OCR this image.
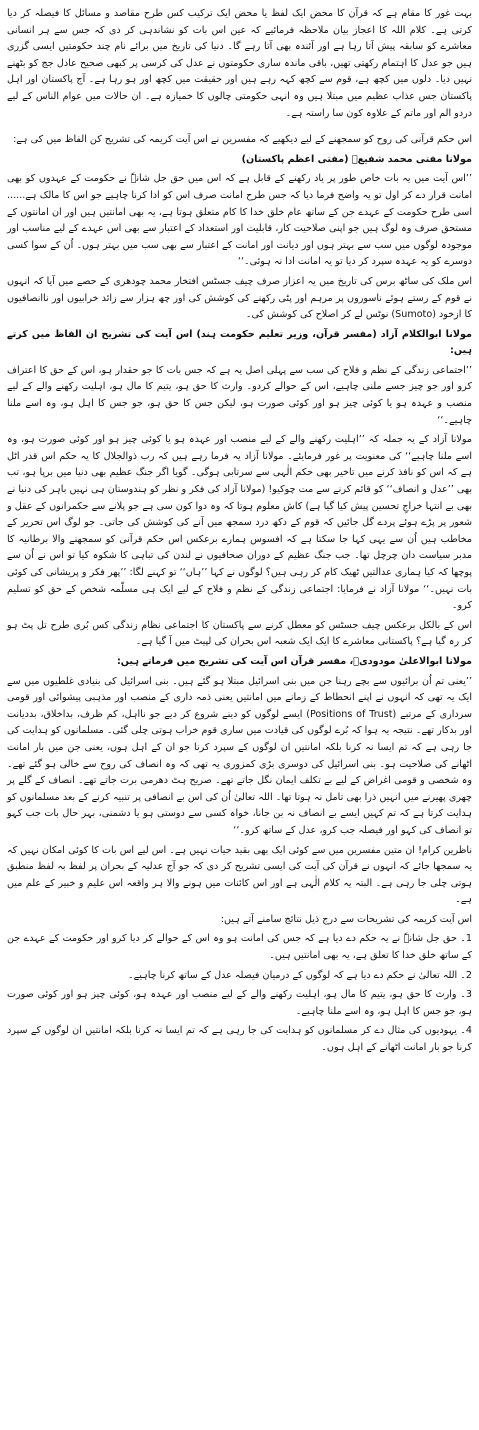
بہت غور کا مقام ہے کہ قرآن کا محض ایک لفظ یا محض ایک ترکیب کس طرح مقاصد و مسائل کا فیصلہ کر دیا کرتی ہے۔ کلام اللہ کا اعجاز بیان ملاحظہ فرمائیے کہ عین اس بات کو نشاندہی کر دی کہ جس سے ہر انسانی معاشرے کو سابقہ پیش آتا رہا ہے اور آئندہ بھی آتا رہے گا۔ دنیا کی تاریخ میں برائے نام چند حکومتیں ایسی گزری ہیں جو عدل کا اہتمام رکھتی تھیں، باقی ماندہ ساری حکومتوں نے عدل کی کرسی پر کبھی صحیح عادل جج کو بٹھنے نہیں دیا۔ دلوں میں کچھ ہے، قوم سے کچھ کہہ رہے ہیں اور حقیقت میں کچھ اور ہو رہا ہے۔ آج پاکستان اور اہل پاکستان جس عذاب عظیم میں مبتلا ہیں وہ انہی حکومتی چالوں کا خمیازہ ہے۔ ان حالات میں عوام الناس کے لیے دردو الم اور ماتم کے علاوہ کون سا راستہ ہے۔

اس حکم قرآنی کی روح کو سمجھنے کے لیے دیکھیے کہ مفسرین نے اس آیت کریمہ کی تشریح کن الفاظ میں کی ہے:

مولانا مفتی محمد شفیعؒ (مفتی اعظم پاکستان)

’’اس آیت میں یہ بات خاص طور پر یاد رکھنے کے قابل ہے کہ اس میں حق جل شانہٗ نے حکومت کے عہدوں کو بھی امانت قرار دے کر اول تو یہ واضح فرما دیا کہ جس طرح امانت صرف اس کو ادا کرنا چاہیے جو اس کا مالک ہے...... اسی طرح حکومت کے عہدے جن کے ساتھ عام خلق خدا کا کام متعلق ہوتا ہے، یہ بھی امانتیں ہیں اور ان امانتوں کے مستحق صرف وہ لوگ ہیں جو اپنی صلاحیت کار، قابلیت اور استعداد کے اعتبار سے بھی اس عہدے کے لیے مناسب اور موجودہ لوگوں میں سب سے بہتر ہوں اور دیانت اور امانت کے اعتبار سے بھی سب میں بہتر ہوں۔ اُن کے سوا کسی دوسرے کو یہ عہدہ سپرد کر دیا تو یہ امانت ادا نہ ہوئی۔‘‘

اس ملک کی ساٹھ برس کی تاریخ میں یہ اعزاز صرف چیف جسٹس افتخار محمد چودھری کے حصے میں آیا کہ انہوں نے قوم کے رستے ہوئے ناسوروں پر مرہم اور پٹی رکھنے کی کوشش کی اور چھ ہزار سے زائد خرابیوں اور ناانصافیوں کا ازخود (Sumoto) نوٹس لے کر اصلاح کی کوشش کی۔

مولانا ابوالکلام آزاد (مفسر قرآن، وزیر تعلیم حکومت ہند) اس آیت کی تشریح ان الفاظ میں کرتے ہیں:

’’اجتماعی زندگی کے نظم و فلاح کی سب سے پہلی اصل یہ ہے کہ جس بات کا جو حقدار ہو، اس کے حق کا اعتراف کرو اور جو چیز جسے ملنی چاہیے، اس کے حوالے کردو۔ وارث کا حق ہو، یتیم کا مال ہو، اہلیت رکھنے والے کے لیے منصب و عہدہ ہو یا کوئی چیز ہو اور کوئی صورت ہو، لیکن جس کا حق ہو، جو جس کا اہل ہو، وہ اسے ملنا چاہیے۔‘‘

مولانا آزاد کے یہ جملہ کہ ’’اہلیت رکھنے والے کے لیے منصب اور عہدہ ہو یا کوئی چیز ہو اور کوئی صورت ہو، وہ اسے ملنا چاہیے‘‘ کی معنویت پر غور فرمایئے۔ مولانا آزاد یہ فرما رہے ہیں کہ رب ذوالجلال کا یہ حکم اس قدر اٹل ہے کہ اس کو نافذ کرنے میں تاخیر بھی حکم الٰہی سے سرتابی ہوگی۔ گویا اگر جنگ عظیم بھی دنیا میں برپا ہو، تب بھی ’’عدل و انصاف‘‘ کو قائم کرنے سے مت چوکیو! (مولانا آزاد کی فکر و نظر کو ہندوستان ہی نہیں باہر کی دنیا نے بھی بے انتہا خراجِ تحسین پیش کیا گیا ہے) کاش معلوم ہوتا کہ وہ دوا کون سی ہے جو پلانے سے حکمرانوں کے عقل و شعور پر پڑے ہوئے پردے گل جائیں کہ قوم کے دکھ درد سمجھ میں آنے کی کوشش کی جاتی۔ جو لوگ اس تحریر کے مخاطب ہیں اُن سے یہی کہا جا سکتا ہے کہ افسوس ہمارے برعکس اس حکم قرآنی کو سمجھنے والا برطانیہ کا مدبر سیاست دان چرچل تھا۔ جب جنگ عظیم کے دوران صحافیوں نے لندن کی تباہی کا شکوہ کیا تو اس نے اُن سے پوچھا کہ کیا ہماری عدالتیں ٹھیک کام کر رہی ہیں؟ لوگوں نے کہا ’’ہاں‘‘ تو کہنے لگا: ’’پھر فکر و پریشانی کی کوئی بات نہیں۔‘‘ مولانا آزاد نے فرمایا: اجتماعی زندگی کے نظم و فلاح کے لیے ایک ہی مسلّمہ شخص کے حق کو تسلیم کرو۔

اس کے بالکل برعکس چیف جسٹس کو معطل کرنے سے پاکستان کا اجتماعی نظام زندگی کس بُری طرح تل پٹ ہو کر رہ گیا ہے؟ پاکستانی معاشرے کا ایک ایک شعبہ اس بحران کی لپیٹ میں آ گیا ہے۔

مولانا ابوالاعلیٰ مودودیؒ، مفسر قرآن اس آیت کی تشریح میں فرماتے ہیں:

’’یعنی تم اُن برائیوں سے بچے رہنا جن میں بنی اسرائیل مبتلا ہو گئے ہیں۔ بنی اسرائیل کی بنیادی غلطیوں میں سے ایک یہ تھی کہ انہوں نے اپنے انحطاط کے زمانے میں امانتیں یعنی ذمہ داری کے منصب اور مذہبی پیشوائی اور قومی سرداری کے مرتبے (Positions of Trust) ایسے لوگوں کو دینے شروع کر دیے جو نااہل، کم ظرف، بداخلاق، بددیانت اور بدکار تھے۔ نتیجہ یہ ہوا کہ بُرے لوگوں کی قیادت میں ساری قوم خراب ہوتی چلی گئی۔ مسلمانوں کو ہدایت کی جا رہی ہے کہ تم ایسا نہ کرنا بلکہ امانتیں ان لوگوں کے سپرد کرنا جو ان کے اہل ہوں، یعنی جن میں بار امانت اٹھانے کی صلاحیت ہو۔ بنی اسرائیل کی دوسری بڑی کمزوری یہ تھی کہ وہ انصاف کی روح سے خالی ہو گئے تھے۔ وہ شخصی و قومی اغراض کے لیے بے تکلف ایمان نگل جاتے تھے۔ صریح ہٹ دھرمی برت جاتے تھے۔ انصاف کے گلے پر چھری پھیرنے میں انہیں ذرا بھی تامل نہ ہوتا تھا۔ اللہ تعالیٰ اُن کی اس بے انصافی پر تنبیہ کرنے کے بعد مسلمانوں کو ہدایت کرتا ہے کہ تم کہیں ایسے بے انصاف نہ بن جانا، خواہ کسی سے دوستی ہو یا دشمنی، بہر حال بات جب کہو تو انصاف کی کہو اور فیصلہ جب کرو، عدل کے ساتھ کرو۔‘‘

ناظرین کرام! ان متین مفسرین میں سے کوئی ایک بھی بقید حیات نہیں ہے۔ اس لیے اس بات کا کوئی امکان نہیں کہ یہ سمجھا جائے کہ انہوں نے قرآن کی آیت کی ایسی تشریح کر دی کہ جو آج عدلیہ کے بحران پر لفظ بہ لفظ منطبق ہوتی چلی جا رہی ہے۔ البتہ یہ کلام الٰہی ہے اور اس کائنات میں ہونے والا ہر واقعہ اس علیم و خبیر کے علم میں ہے۔

اس آیت کریمہ کی تشریحات سے درج ذیل نتائج سامنے آتے ہیں:

1۔ حق جل شانہٗ نے یہ حکم دے دیا ہے کہ جس کی امانت ہو وہ اس کے حوالے کر دیا کرو اور حکومت کے عہدے جن کے ساتھ خلق خدا کا تعلق ہے، یہ بھی امانتیں ہیں۔

2۔ اللہ تعالیٰ نے حکم دے دیا ہے کہ لوگوں کے درمیان فیصلہ عدل کے ساتھ کرنا چاہیے۔

3۔ وارث کا حق ہو، یتیم کا مال ہو، اہلیت رکھنے والے کے لیے منصب اور عہدہ ہو، کوئی چیز ہو اور کوئی صورت ہو، جو جس کا اہل ہو، وہ اسے ملنا چاہیے۔

4۔ یہودیوں کی مثال دے کر مسلمانوں کو ہدایت کی جا رہی ہے کہ تم ایسا نہ کرنا بلکہ امانتیں ان لوگوں کے سپرد کرنا جو بار امانت اٹھانے کے اہل ہوں۔
